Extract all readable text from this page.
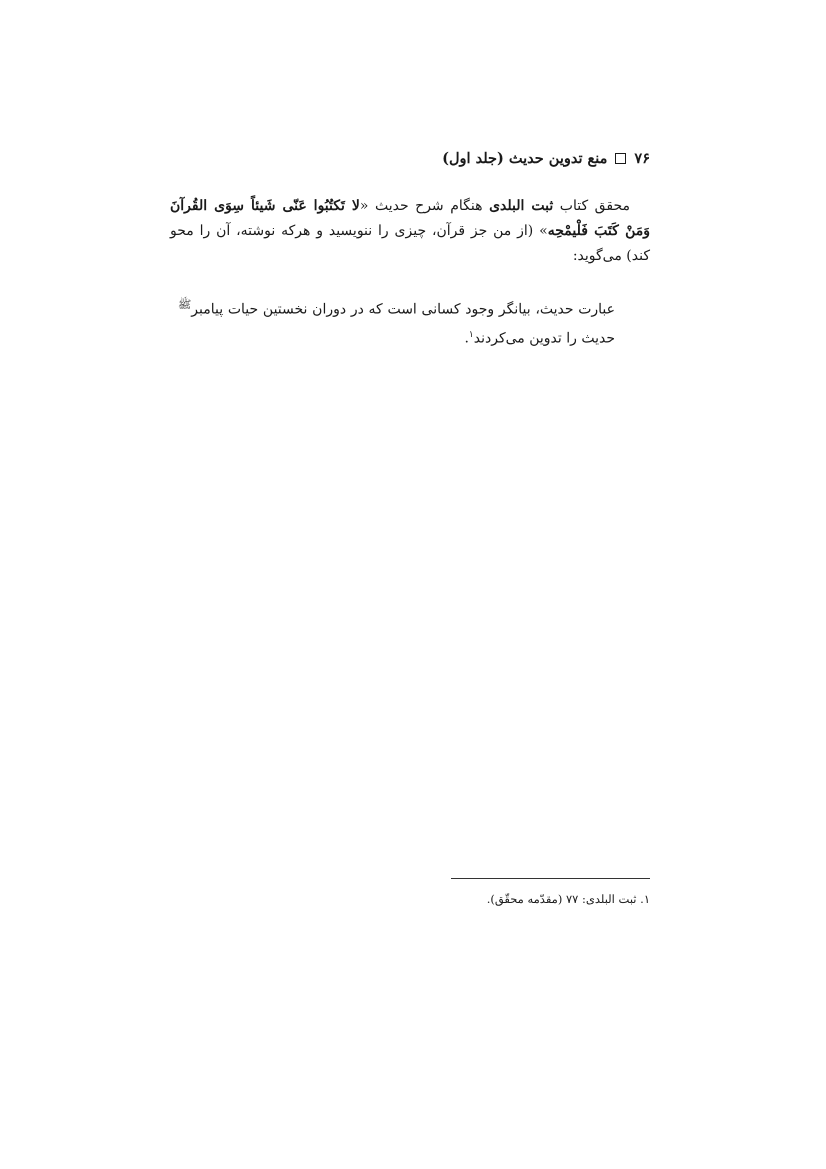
۷۶
منع تدوین حدیث (جلد اول)

محقق کتاب ثبت البلدی هنگام شرح حدیث «لا تَکتُبُوا عَنّی شَیئاً سِوَی القُرآنَ وَمَنْ کَتَبَ فَلْیمْحِه» (از من جز قرآن، چیزی را ننویسید و هرکه نوشته، آن را محو کند) می‌گوید:

عبارت حدیث، بیانگر وجود کسانی است که در دوران نخستین حیات پیامبر$^ﷺ$ حدیث را تدوین می‌کردند$^۱$.

۱. ثبت البلدی: ۷۷ (مقدّمه محقّق).
